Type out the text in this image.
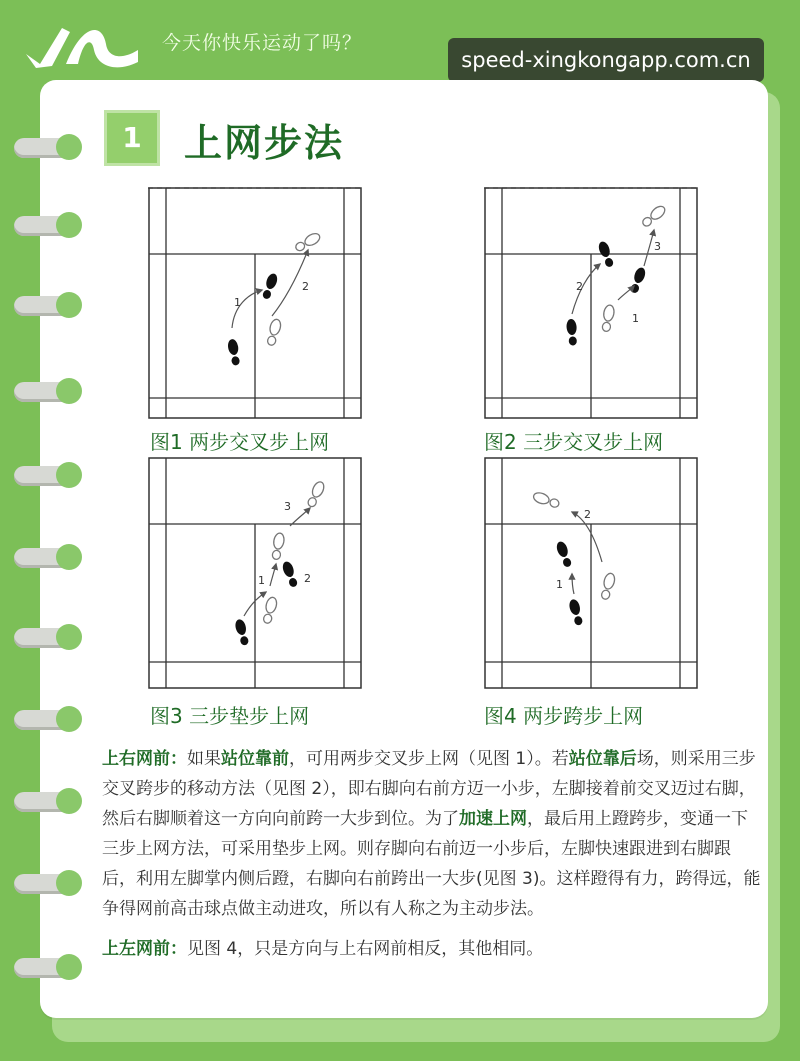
今天你快乐运动了吗？
speed-xingkongapp.com.cn
1	上网步法
1
2
图1 两步交叉步上网
2
1
3
图2 三步交叉步上网
1	2
3
图3 三步垫步上网
1
2
图4 两步跨步上网

上右网前：如果站位靠前，可用两步交叉步上网（见图 1）。若站位靠后场，则采用三步交叉跨步的移动方法（见图 2），即右脚向右前方迈一小步，左脚接着前交叉迈过右脚，然后右脚顺着这一方向向前跨一大步到位。为了加速上网，最后用上蹬跨步，变通一下三步上网方法，可采用垫步上网。则存脚向右前迈一小步后，左脚快速跟进到右脚跟后，利用左脚掌内侧后蹬，右脚向右前跨出一大步(见图 3)。这样蹬得有力，跨得远，能争得网前高击球点做主动进攻，所以有人称之为主动步法。

上左网前：见图 4，只是方向与上右网前相反，其他相同。
